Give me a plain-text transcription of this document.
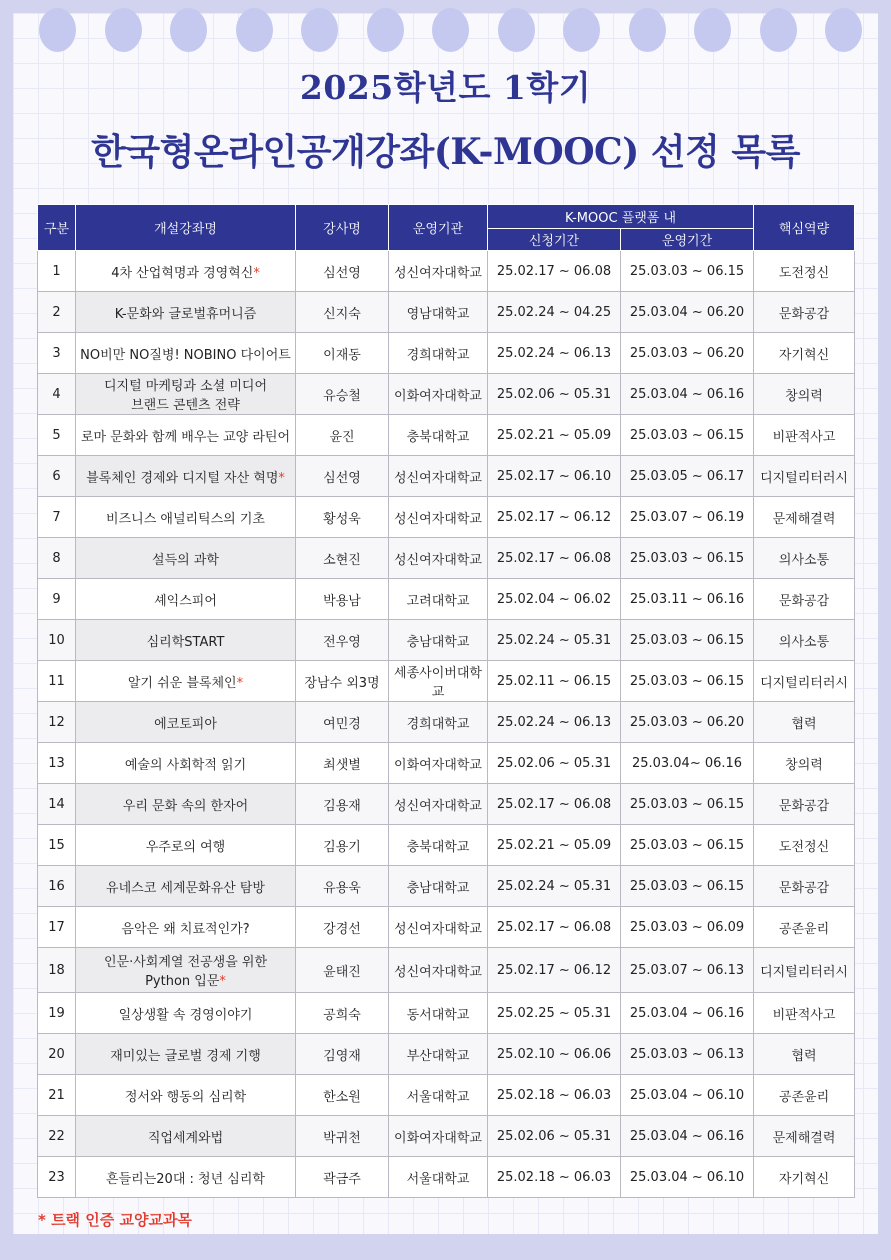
2025학년도 1학기
한국형온라인공개강좌(K-MOOC) 선정 목록
구분	개설강좌명	강사명	운영기관	K-MOOC 플랫폼 내		핵심역량
				신청기간	운영기간	
1	4차 산업혁명과 경영혁신*	심선영	성신여자대학교	25.02.17 ~ 06.08	25.03.03 ~ 06.15	도전정신
2	K-문화와 글로벌휴머니즘	신지숙	영남대학교	25.02.24 ~ 04.25	25.03.04 ~ 06.20	문화공감
3	NO비만 NO질병! NOBINO 다이어트	이재동	경희대학교	25.02.24 ~ 06.13	25.03.03 ~ 06.20	자기혁신
4	디지털 마케팅과 소셜 미디어
브랜드 콘텐츠 전략	유승철	이화여자대학교	25.02.06 ~ 05.31	25.03.04 ~ 06.16	창의력
5	로마 문화와 함께 배우는 교양 라틴어	윤진	충북대학교	25.02.21 ~ 05.09	25.03.03 ~ 06.15	비판적사고
6	블록체인 경제와 디지털 자산 혁명*	심선영	성신여자대학교	25.02.17 ~ 06.10	25.03.05 ~ 06.17	디지털리터러시
7	비즈니스 애널리틱스의 기초	황성욱	성신여자대학교	25.02.17 ~ 06.12	25.03.07 ~ 06.19	문제해결력
8	설득의 과학	소현진	성신여자대학교	25.02.17 ~ 06.08	25.03.03 ~ 06.15	의사소통
9	셰익스피어	박용남	고려대학교	25.02.04 ~ 06.02	25.03.11 ~ 06.16	문화공감
10	심리학START	전우영	충남대학교	25.02.24 ~ 05.31	25.03.03 ~ 06.15	의사소통
11	알기 쉬운 블록체인*	장남수 외3명	세종사이버대학교	25.02.11 ~ 06.15	25.03.03 ~ 06.15	디지털리터러시
12	에코토피아	여민경	경희대학교	25.02.24 ~ 06.13	25.03.03 ~ 06.20	협력
13	예술의 사회학적 읽기	최샛별	이화여자대학교	25.02.06 ~ 05.31	25.03.04~ 06.16	창의력
14	우리 문화 속의 한자어	김용재	성신여자대학교	25.02.17 ~ 06.08	25.03.03 ~ 06.15	문화공감
15	우주로의 여행	김용기	충북대학교	25.02.21 ~ 05.09	25.03.03 ~ 06.15	도전정신
16	유네스코 세계문화유산 탐방	유용욱	충남대학교	25.02.24 ~ 05.31	25.03.03 ~ 06.15	문화공감
17	음악은 왜 치료적인가?	강경선	성신여자대학교	25.02.17 ~ 06.08	25.03.03 ~ 06.09	공존윤리
18	인문·사회계열 전공생을 위한
Python 입문*	윤태진	성신여자대학교	25.02.17 ~ 06.12	25.03.07 ~ 06.13	디지털리터러시
19	일상생활 속 경영이야기	공희숙	동서대학교	25.02.25 ~ 05.31	25.03.04 ~ 06.16	비판적사고
20	재미있는 글로벌 경제 기행	김영재	부산대학교	25.02.10 ~ 06.06	25.03.03 ~ 06.13	협력
21	정서와 행동의 심리학	한소원	서울대학교	25.02.18 ~ 06.03	25.03.04 ~ 06.10	공존윤리
22	직업세계와법	박귀천	이화여자대학교	25.02.06 ~ 05.31	25.03.04 ~ 06.16	문제해결력
23	흔들리는20대 : 청년 심리학	곽금주	서울대학교	25.02.18 ~ 06.03	25.03.04 ~ 06.10	자기혁신
* 트랙 인증 교양교과목
